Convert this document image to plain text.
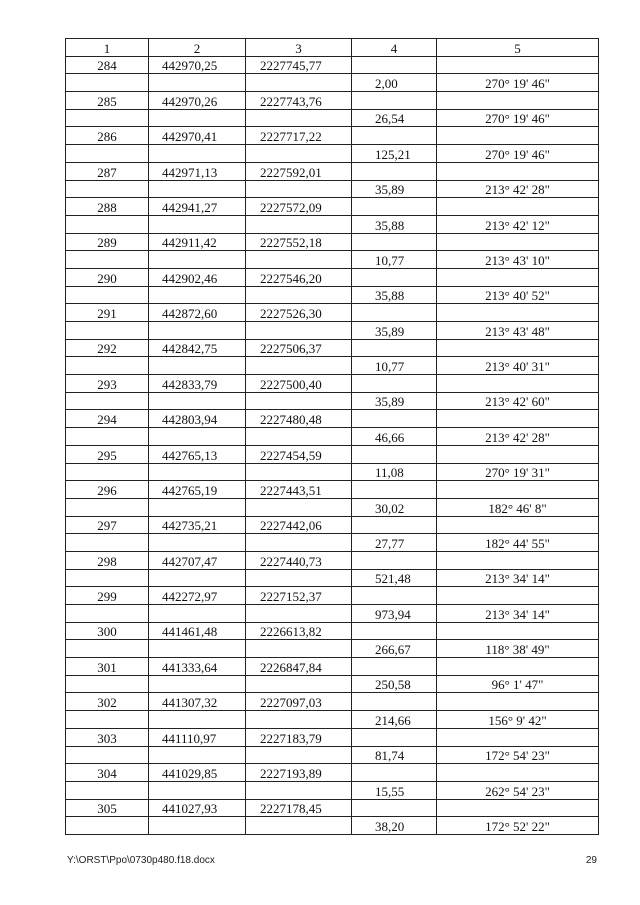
1	2	3	4	5
284	442970,25	2227745,77		
			2,00	270° 19' 46"
285	442970,26	2227743,76		
			26,54	270° 19' 46"
286	442970,41	2227717,22		
			125,21	270° 19' 46"
287	442971,13	2227592,01		
			35,89	213° 42' 28"
288	442941,27	2227572,09		
			35,88	213° 42' 12"
289	442911,42	2227552,18		
			10,77	213° 43' 10"
290	442902,46	2227546,20		
			35,88	213° 40' 52"
291	442872,60	2227526,30		
			35,89	213° 43' 48"
292	442842,75	2227506,37		
			10,77	213° 40' 31"
293	442833,79	2227500,40		
			35,89	213° 42' 60"
294	442803,94	2227480,48		
			46,66	213° 42' 28"
295	442765,13	2227454,59		
			11,08	270° 19' 31"
296	442765,19	2227443,51		
			30,02	182° 46' 8"
297	442735,21	2227442,06		
			27,77	182° 44' 55"
298	442707,47	2227440,73		
			521,48	213° 34' 14"
299	442272,97	2227152,37		
			973,94	213° 34' 14"
300	441461,48	2226613,82		
			266,67	118° 38' 49"
301	441333,64	2226847,84		
			250,58	96° 1' 47"
302	441307,32	2227097,03		
			214,66	156° 9' 42"
303	441110,97	2227183,79		
			81,74	172° 54' 23"
304	441029,85	2227193,89		
			15,55	262° 54' 23"
305	441027,93	2227178,45		
			38,20	172° 52' 22"
Y:\ORST\Ppo\0730p480.f18.docx	29
